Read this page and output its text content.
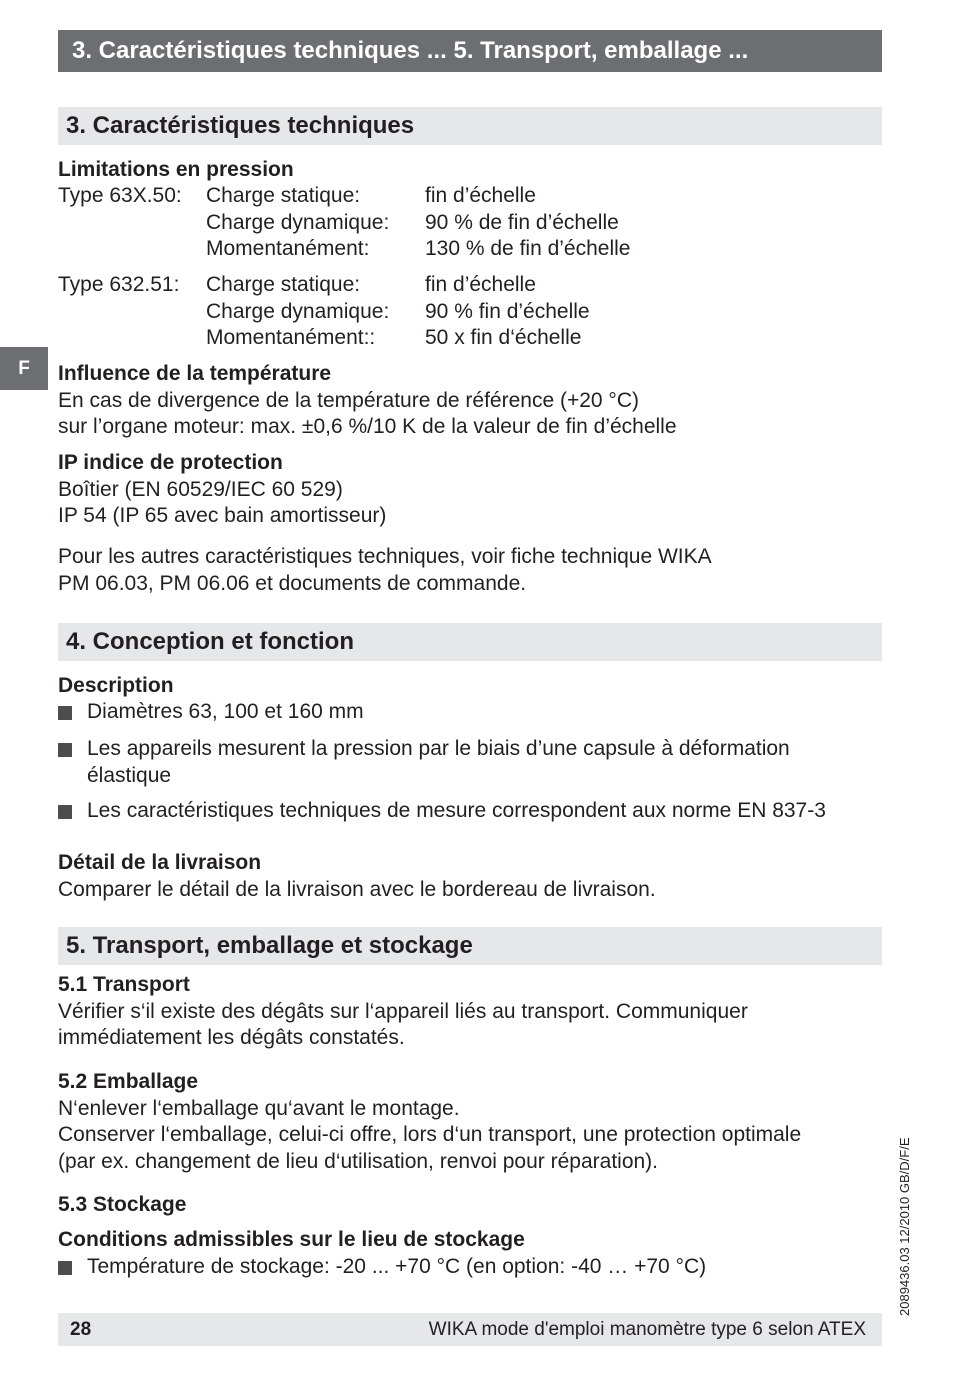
3. Caractéristiques techniques ... 5. Transport, emballage ...
3. Caractéristiques techniques
Limitations en pression
Type 63X.50: Charge statique:	fin d’échelle
Charge dynamique: 90 % de fin d’échelle
Momentanément:	130 % de fin d’échelle
Type 632.51: Charge statique:	fin d’échelle
Charge dynamique: 90 % fin d’échelle
Momentanément:: 50 x fin d‘échelle
F	Influence de la température
En cas de divergence de la température de référence (+20 °C)
sur l’organe moteur: max. ±0,6 %/10 K de la valeur de fin d’échelle
IP indice de protection
Boîtier (EN 60529/IEC 60 529)
IP 54 (IP 65 avec bain amortisseur)
Pour les autres caractéristiques techniques, voir fiche technique WIKA
PM 06.03, PM 06.06 et documents de commande.
4. Conception et fonction
Description
Diamètres 63, 100 et 160 mm
Les appareils mesurent la pression par le biais d’une capsule à déformation
élastique
Les caractéristiques techniques de mesure correspondent aux norme EN 837-3
Détail de la livraison
Comparer le détail de la livraison avec le bordereau de livraison.
5. Transport, emballage et stockage
5.1 Transport
Vérifier s‘il existe des dégâts sur l‘appareil liés au transport. Communiquer
immédiatement les dégâts constatés.
5.2 Emballage
N‘enlever l‘emballage qu‘avant le montage.
Conserver l‘emballage, celui-ci offre, lors d‘un transport, une protection optimale
(par ex. changement de lieu d‘utilisation, renvoi pour réparation).
5.3 Stockage
Conditions admissibles sur le lieu de stockage
Température de stockage: -20 ... +70 °C (en option: -40 … +70 °C)	2089436.03 12/2010 GB/D/F/E
28	WIKA mode d'emploi manomètre type 6 selon ATEX
